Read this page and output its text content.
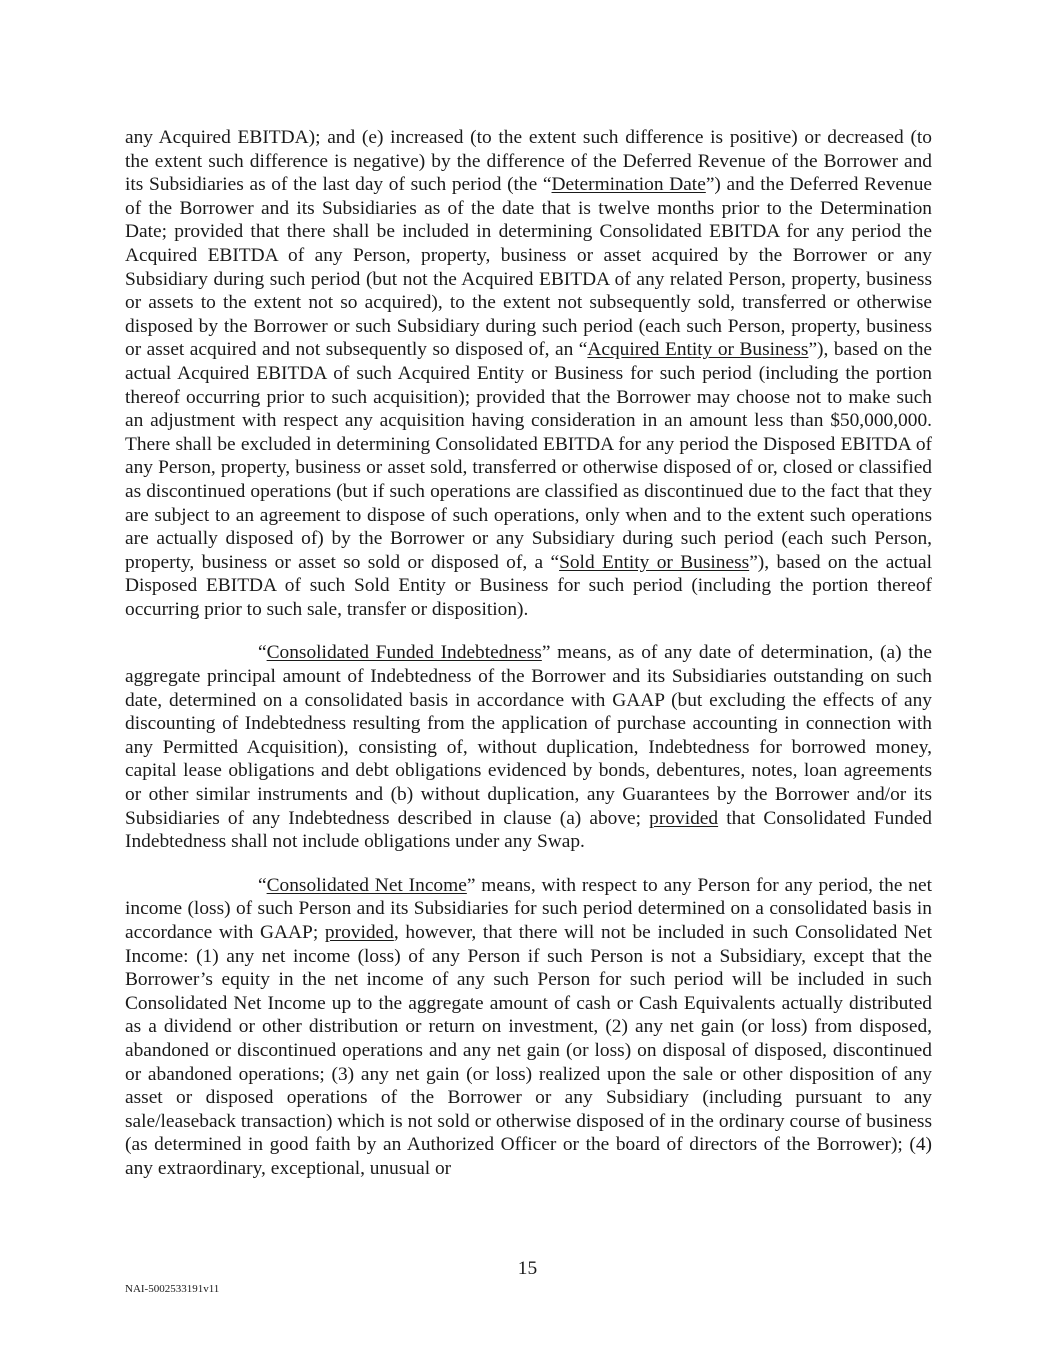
any Acquired EBITDA); and (e) increased (to the extent such difference is positive) or decreased (to the extent such difference is negative) by the difference of the Deferred Revenue of the Borrower and its Subsidiaries as of the last day of such period (the “Determination Date”) and the Deferred Revenue of the Borrower and its Subsidiaries as of the date that is twelve months prior to the Determination Date; provided that there shall be included in determining Consolidated EBITDA for any period the Acquired EBITDA of any Person, property, business or asset acquired by the Borrower or any Subsidiary during such period (but not the Acquired EBITDA of any related Person, property, business or assets to the extent not so acquired), to the extent not subsequently sold, transferred or otherwise disposed by the Borrower or such Subsidiary during such period (each such Person, property, business or asset acquired and not subsequently so disposed of, an “Acquired Entity or Business”), based on the actual Acquired EBITDA of such Acquired Entity or Business for such period (including the portion thereof occurring prior to such acquisition); provided that the Borrower may choose not to make such an adjustment with respect any acquisition having consideration in an amount less than $50,000,000. There shall be excluded in determining Consolidated EBITDA for any period the Disposed EBITDA of any Person, property, business or asset sold, transferred or otherwise disposed of or, closed or classified as discontinued operations (but if such operations are classified as discontinued due to the fact that they are subject to an agreement to dispose of such operations, only when and to the extent such operations are actually disposed of) by the Borrower or any Subsidiary during such period (each such Person, property, business or asset so sold or disposed of, a “Sold Entity or Business”), based on the actual Disposed EBITDA of such Sold Entity or Business for such period (including the portion thereof occurring prior to such sale, transfer or disposition).

“Consolidated Funded Indebtedness” means, as of any date of determination, (a) the aggregate principal amount of Indebtedness of the Borrower and its Subsidiaries outstanding on such date, determined on a consolidated basis in accordance with GAAP (but excluding the effects of any discounting of Indebtedness resulting from the application of purchase accounting in connection with any Permitted Acquisition), consisting of, without duplication, Indebtedness for borrowed money, capital lease obligations and debt obligations evidenced by bonds, debentures, notes, loan agreements or other similar instruments and (b) without duplication, any Guarantees by the Borrower and/or its Subsidiaries of any Indebtedness described in clause (a) above; provided that Consolidated Funded Indebtedness shall not include obligations under any Swap.

“Consolidated Net Income” means, with respect to any Person for any period, the net income (loss) of such Person and its Subsidiaries for such period determined on a consolidated basis in accordance with GAAP; provided, however, that there will not be included in such Consolidated Net Income: (1) any net income (loss) of any Person if such Person is not a Subsidiary, except that the Borrower’s equity in the net income of any such Person for such period will be included in such Consolidated Net Income up to the aggregate amount of cash or Cash Equivalents actually distributed as a dividend or other distribution or return on investment, (2) any net gain (or loss) from disposed, abandoned or discontinued operations and any net gain (or loss) on disposal of disposed, discontinued or abandoned operations; (3) any net gain (or loss) realized upon the sale or other disposition of any asset or disposed operations of the Borrower or any Subsidiary (including pursuant to any sale/leaseback transaction) which is not sold or otherwise disposed of in the ordinary course of business (as determined in good faith by an Authorized Officer or the board of directors of the Borrower); (4) any extraordinary, exceptional, unusual or

15
NAI-5002533191v11
